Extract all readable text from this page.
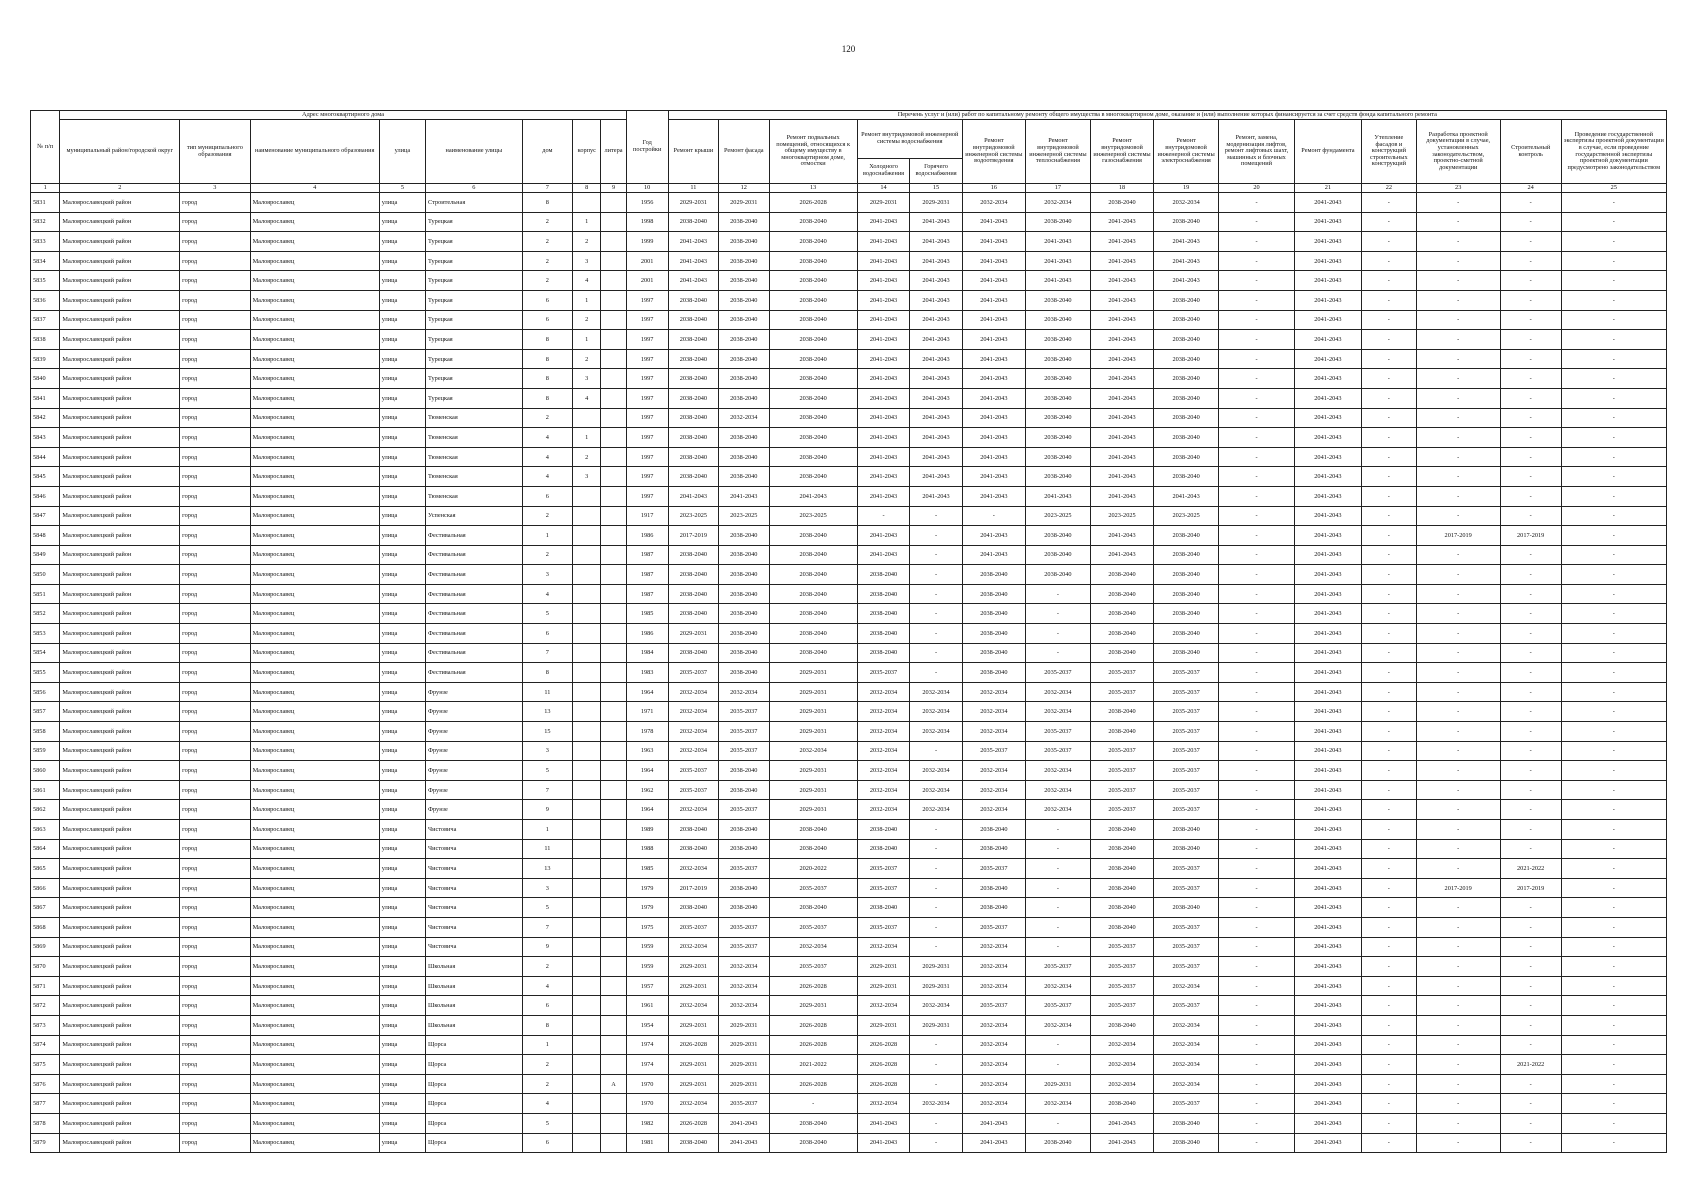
120
№ п/п	Адрес многоквартирного дома								Год постройки	Перечень услуг и (или) работ по капитальному ремонту общего имущества в многоквартирном доме, оказание и (или) выполнение которых финансируется за счет средств фонда капитального ремонта														
	муниципальный район/городской округ	тип муниципального образования	наименование муниципального образования	улица	наименование улицы	дом	корпус	литера		Ремонт крыши	Ремонт фасада	Ремонт подвальных помещений, относящихся к общему имуществу в многоквартирном доме, отмостки	Ремонт внутридомовой инженерной системы водоснабжения		Ремонт внутридомовой инженерной системы водоотведения	Ремонт внутридомовой инженерной системы теплоснабжения	Ремонт внутридомовой инженерной системы газоснабжения	Ремонт внутридомовой инженерной системы электроснабжения	Ремонт, замена, модернизация лифтов, ремонт лифтовых шахт, машинных и блочных помещений	Ремонт фундамента	Утепление фасадов и конструкций строительных конструкций	Разработка проектной документации в случае, установленных законодательством, проектно-сметной документации	Строительный контроль	Проведение государственной экспертизы проектной документации в случае, если проведение государственной экспертизы проектной документации предусмотрено законодательством
													Холодного водоснабжения	Горячего водоснабжения										
1	2	3	4	5	6	7	8	9	10	11	12	13	14	15	16	17	18	19	20	21	22	23	24	25
5831	Малоярославецкий район	город	Малоярославец	улица	Строительная	8			1956	2029-2031	2029-2031	2026-2028	2029-2031	2029-2031	2032-2034	2032-2034	2038-2040	2032-2034	-	2041-2043	-	-	-	-
5832	Малоярославецкий район	город	Малоярославец	улица	Турецкая	2	1		1998	2038-2040	2038-2040	2038-2040	2041-2043	2041-2043	2041-2043	2038-2040	2041-2043	2038-2040	-	2041-2043	-	-	-	-
5833	Малоярославецкий район	город	Малоярославец	улица	Турецкая	2	2		1999	2041-2043	2038-2040	2038-2040	2041-2043	2041-2043	2041-2043	2041-2043	2041-2043	2041-2043	-	2041-2043	-	-	-	-
5834	Малоярославецкий район	город	Малоярославец	улица	Турецкая	2	3		2001	2041-2043	2038-2040	2038-2040	2041-2043	2041-2043	2041-2043	2041-2043	2041-2043	2041-2043	-	2041-2043	-	-	-	-
5835	Малоярославецкий район	город	Малоярославец	улица	Турецкая	2	4		2001	2041-2043	2038-2040	2038-2040	2041-2043	2041-2043	2041-2043	2041-2043	2041-2043	2041-2043	-	2041-2043	-	-	-	-
5836	Малоярославецкий район	город	Малоярославец	улица	Турецкая	6	1		1997	2038-2040	2038-2040	2038-2040	2041-2043	2041-2043	2041-2043	2038-2040	2041-2043	2038-2040	-	2041-2043	-	-	-	-
5837	Малоярославецкий район	город	Малоярославец	улица	Турецкая	6	2		1997	2038-2040	2038-2040	2038-2040	2041-2043	2041-2043	2041-2043	2038-2040	2041-2043	2038-2040	-	2041-2043	-	-	-	-
5838	Малоярославецкий район	город	Малоярославец	улица	Турецкая	8	1		1997	2038-2040	2038-2040	2038-2040	2041-2043	2041-2043	2041-2043	2038-2040	2041-2043	2038-2040	-	2041-2043	-	-	-	-
5839	Малоярославецкий район	город	Малоярославец	улица	Турецкая	8	2		1997	2038-2040	2038-2040	2038-2040	2041-2043	2041-2043	2041-2043	2038-2040	2041-2043	2038-2040	-	2041-2043	-	-	-	-
5840	Малоярославецкий район	город	Малоярославец	улица	Турецкая	8	3		1997	2038-2040	2038-2040	2038-2040	2041-2043	2041-2043	2041-2043	2038-2040	2041-2043	2038-2040	-	2041-2043	-	-	-	-
5841	Малоярославецкий район	город	Малоярославец	улица	Турецкая	8	4		1997	2038-2040	2038-2040	2038-2040	2041-2043	2041-2043	2041-2043	2038-2040	2041-2043	2038-2040	-	2041-2043	-	-	-	-
5842	Малоярославецкий район	город	Малоярославец	улица	Тюменская	2			1997	2038-2040	2032-2034	2038-2040	2041-2043	2041-2043	2041-2043	2038-2040	2041-2043	2038-2040	-	2041-2043	-	-	-	-
5843	Малоярославецкий район	город	Малоярославец	улица	Тюменская	4	1		1997	2038-2040	2038-2040	2038-2040	2041-2043	2041-2043	2041-2043	2038-2040	2041-2043	2038-2040	-	2041-2043	-	-	-	-
5844	Малоярославецкий район	город	Малоярославец	улица	Тюменская	4	2		1997	2038-2040	2038-2040	2038-2040	2041-2043	2041-2043	2041-2043	2038-2040	2041-2043	2038-2040	-	2041-2043	-	-	-	-
5845	Малоярославецкий район	город	Малоярославец	улица	Тюменская	4	3		1997	2038-2040	2038-2040	2038-2040	2041-2043	2041-2043	2041-2043	2038-2040	2041-2043	2038-2040	-	2041-2043	-	-	-	-
5846	Малоярославецкий район	город	Малоярославец	улица	Тюменская	6			1997	2041-2043	2041-2043	2041-2043	2041-2043	2041-2043	2041-2043	2041-2043	2041-2043	2041-2043	-	2041-2043	-	-	-	-
5847	Малоярославецкий район	город	Малоярославец	улица	Успенская	2			1917	2023-2025	2023-2025	2023-2025	-	-	-	2023-2025	2023-2025	2023-2025	-	2041-2043	-	-	-	-
5848	Малоярославецкий район	город	Малоярославец	улица	Фестивальная	1			1986	2017-2019	2038-2040	2038-2040	2041-2043	-	2041-2043	2038-2040	2041-2043	2038-2040	-	2041-2043	-	2017-2019	2017-2019	-
5849	Малоярославецкий район	город	Малоярославец	улица	Фестивальная	2			1987	2038-2040	2038-2040	2038-2040	2041-2043	-	2041-2043	2038-2040	2041-2043	2038-2040	-	2041-2043	-	-	-	-
5850	Малоярославецкий район	город	Малоярославец	улица	Фестивальная	3			1987	2038-2040	2038-2040	2038-2040	2038-2040	-	2038-2040	2038-2040	2038-2040	2038-2040	-	2041-2043	-	-	-	-
5851	Малоярославецкий район	город	Малоярославец	улица	Фестивальная	4			1987	2038-2040	2038-2040	2038-2040	2038-2040	-	2038-2040	-	2038-2040	2038-2040	-	2041-2043	-	-	-	-
5852	Малоярославецкий район	город	Малоярославец	улица	Фестивальная	5			1985	2038-2040	2038-2040	2038-2040	2038-2040	-	2038-2040	-	2038-2040	2038-2040	-	2041-2043	-	-	-	-
5853	Малоярославецкий район	город	Малоярославец	улица	Фестивальная	6			1986	2029-2031	2038-2040	2038-2040	2038-2040	-	2038-2040	-	2038-2040	2038-2040	-	2041-2043	-	-	-	-
5854	Малоярославецкий район	город	Малоярославец	улица	Фестивальная	7			1984	2038-2040	2038-2040	2038-2040	2038-2040	-	2038-2040	-	2038-2040	2038-2040	-	2041-2043	-	-	-	-
5855	Малоярославецкий район	город	Малоярославец	улица	Фестивальная	8			1983	2035-2037	2038-2040	2029-2031	2035-2037	-	2038-2040	2035-2037	2035-2037	2035-2037	-	2041-2043	-	-	-	-
5856	Малоярославецкий район	город	Малоярославец	улица	Фрунзе	11			1964	2032-2034	2032-2034	2029-2031	2032-2034	2032-2034	2032-2034	2032-2034	2035-2037	2035-2037	-	2041-2043	-	-	-	-
5857	Малоярославецкий район	город	Малоярославец	улица	Фрунзе	13			1971	2032-2034	2035-2037	2029-2031	2032-2034	2032-2034	2032-2034	2032-2034	2038-2040	2035-2037	-	2041-2043	-	-	-	-
5858	Малоярославецкий район	город	Малоярославец	улица	Фрунзе	15			1978	2032-2034	2035-2037	2029-2031	2032-2034	2032-2034	2032-2034	2035-2037	2038-2040	2035-2037	-	2041-2043	-	-	-	-
5859	Малоярославецкий район	город	Малоярославец	улица	Фрунзе	3			1963	2032-2034	2035-2037	2032-2034	2032-2034	-	2035-2037	2035-2037	2035-2037	2035-2037	-	2041-2043	-	-	-	-
5860	Малоярославецкий район	город	Малоярославец	улица	Фрунзе	5			1964	2035-2037	2038-2040	2029-2031	2032-2034	2032-2034	2032-2034	2032-2034	2035-2037	2035-2037	-	2041-2043	-	-	-	-
5861	Малоярославецкий район	город	Малоярославец	улица	Фрунзе	7			1962	2035-2037	2038-2040	2029-2031	2032-2034	2032-2034	2032-2034	2032-2034	2035-2037	2035-2037	-	2041-2043	-	-	-	-
5862	Малоярославецкий район	город	Малоярославец	улица	Фрунзе	9			1964	2032-2034	2035-2037	2029-2031	2032-2034	2032-2034	2032-2034	2032-2034	2035-2037	2035-2037	-	2041-2043	-	-	-	-
5863	Малоярославецкий район	город	Малоярославец	улица	Чистовича	1			1989	2038-2040	2038-2040	2038-2040	2038-2040	-	2038-2040	-	2038-2040	2038-2040	-	2041-2043	-	-	-	-
5864	Малоярославецкий район	город	Малоярославец	улица	Чистовича	11			1988	2038-2040	2038-2040	2038-2040	2038-2040	-	2038-2040	-	2038-2040	2038-2040	-	2041-2043	-	-	-	-
5865	Малоярославецкий район	город	Малоярославец	улица	Чистовича	13			1985	2032-2034	2035-2037	2020-2022	2035-2037	-	2035-2037	-	2038-2040	2035-2037	-	2041-2043	-	-	2021-2022	-
5866	Малоярославецкий район	город	Малоярославец	улица	Чистовича	3			1979	2017-2019	2038-2040	2035-2037	2035-2037	-	2038-2040	-	2038-2040	2035-2037	-	2041-2043	-	2017-2019	2017-2019	-
5867	Малоярославецкий район	город	Малоярославец	улица	Чистовича	5			1979	2038-2040	2038-2040	2038-2040	2038-2040	-	2038-2040	-	2038-2040	2038-2040	-	2041-2043	-	-	-	-
5868	Малоярославецкий район	город	Малоярославец	улица	Чистовича	7			1975	2035-2037	2035-2037	2035-2037	2035-2037	-	2035-2037	-	2038-2040	2035-2037	-	2041-2043	-	-	-	-
5869	Малоярославецкий район	город	Малоярославец	улица	Чистовича	9			1959	2032-2034	2035-2037	2032-2034	2032-2034	-	2032-2034	-	2035-2037	2035-2037	-	2041-2043	-	-	-	-
5870	Малоярославецкий район	город	Малоярославец	улица	Школьная	2			1959	2029-2031	2032-2034	2035-2037	2029-2031	2029-2031	2032-2034	2035-2037	2035-2037	2035-2037	-	2041-2043	-	-	-	-
5871	Малоярославецкий район	город	Малоярославец	улица	Школьная	4			1957	2029-2031	2032-2034	2026-2028	2029-2031	2029-2031	2032-2034	2032-2034	2035-2037	2032-2034	-	2041-2043	-	-	-	-
5872	Малоярославецкий район	город	Малоярославец	улица	Школьная	6			1961	2032-2034	2032-2034	2029-2031	2032-2034	2032-2034	2035-2037	2035-2037	2035-2037	2035-2037	-	2041-2043	-	-	-	-
5873	Малоярославецкий район	город	Малоярославец	улица	Школьная	8			1954	2029-2031	2029-2031	2026-2028	2029-2031	2029-2031	2032-2034	2032-2034	2038-2040	2032-2034	-	2041-2043	-	-	-	-
5874	Малоярославецкий район	город	Малоярославец	улица	Щорса	1			1974	2026-2028	2029-2031	2026-2028	2026-2028	-	2032-2034	-	2032-2034	2032-2034	-	2041-2043	-	-	-	-
5875	Малоярославецкий район	город	Малоярославец	улица	Щорса	2			1974	2029-2031	2029-2031	2021-2022	2026-2028	-	2032-2034	-	2032-2034	2032-2034	-	2041-2043	-	-	2021-2022	-
5876	Малоярославецкий район	город	Малоярославец	улица	Щорса	2		А	1970	2029-2031	2029-2031	2026-2028	2026-2028	-	2032-2034	2029-2031	2032-2034	2032-2034	-	2041-2043	-	-	-	-
5877	Малоярославецкий район	город	Малоярославец	улица	Щорса	4			1970	2032-2034	2035-2037	-	2032-2034	2032-2034	2032-2034	2032-2034	2038-2040	2035-2037	-	2041-2043	-	-	-	-
5878	Малоярославецкий район	город	Малоярославец	улица	Щорса	5			1982	2026-2028	2041-2043	2038-2040	2041-2043	-	2041-2043	-	2041-2043	2038-2040	-	2041-2043	-	-	-	-
5879	Малоярославецкий район	город	Малоярославец	улица	Щорса	6			1981	2038-2040	2041-2043	2038-2040	2041-2043	-	2041-2043	2038-2040	2041-2043	2038-2040	-	2041-2043	-	-	-	-
